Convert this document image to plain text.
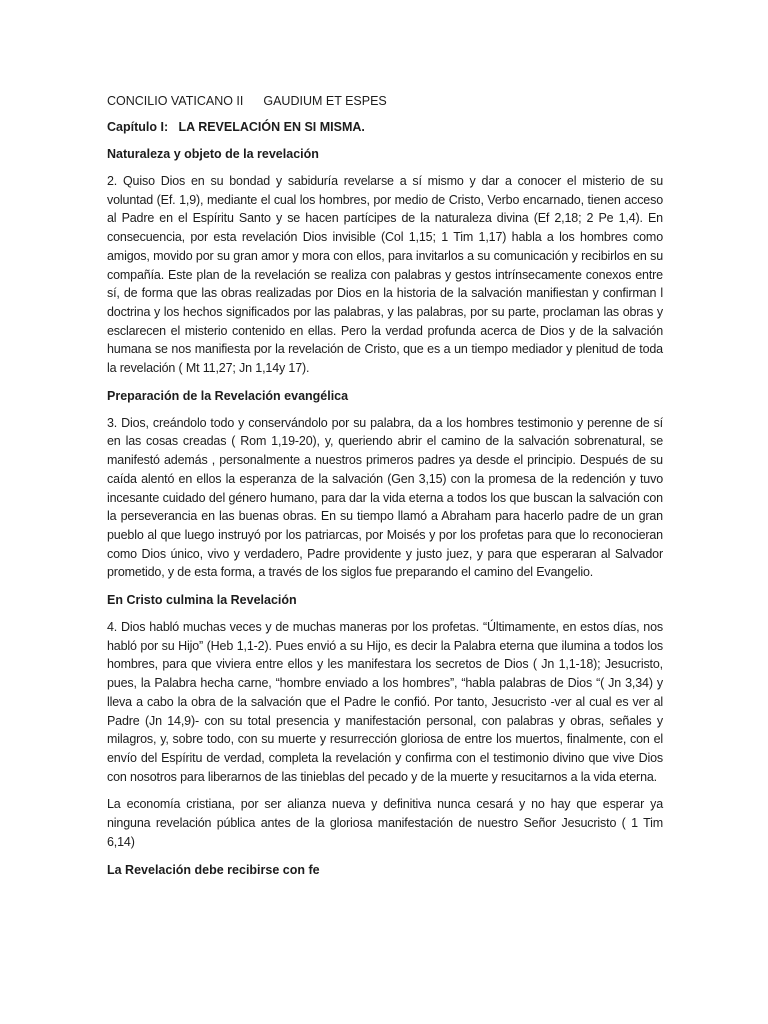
CONCILIO VATICANO II GAUDIUM ET ESPES
Capítulo I:   LA REVELACIÓN EN SI MISMA.
Naturaleza y objeto de la revelación

2. Quiso Dios en su bondad y sabiduría revelarse a sí mismo y dar a conocer el misterio de su voluntad (Ef. 1,9), mediante el cual los hombres, por medio de Cristo, Verbo encarnado, tienen acceso al Padre en el Espíritu Santo y se hacen partícipes de la naturaleza divina (Ef 2,18; 2 Pe 1,4). En consecuencia, por esta revelación Dios invisible (Col 1,15; 1 Tim 1,17) habla a los hombres como amigos, movido por su gran amor y mora con ellos, para invitarlos a su comunicación y recibirlos en su compañía. Este plan de la revelación se realiza con palabras y gestos intrínsecamente conexos entre sí, de forma que las obras realizadas por Dios en la historia de la salvación manifiestan y confirman l doctrina y los hechos significados por las palabras, y las palabras, por su parte, proclaman las obras y esclarecen el misterio contenido en ellas. Pero la verdad profunda acerca de Dios y de la salvación humana se nos manifiesta por la revelación de Cristo, que es a un tiempo mediador y plenitud de toda la revelación ( Mt 11,27; Jn 1,14y 17).

Preparación de la Revelación evangélica

3. Dios, creándolo todo y conservándolo por su palabra, da a los hombres testimonio y perenne de sí en las cosas creadas ( Rom 1,19-20), y, queriendo abrir el camino de la salvación sobrenatural, se manifestó además , personalmente a nuestros primeros padres ya desde el principio. Después de su caída alentó en ellos la esperanza de la salvación (Gen 3,15) con la promesa de la redención y tuvo incesante cuidado del género humano, para dar la vida eterna a todos los que buscan la salvación con la perseverancia en las buenas obras. En su tiempo llamó a Abraham para hacerlo padre de un gran pueblo al que luego instruyó por los patriarcas, por Moisés y por los profetas para que lo reconocieran como Dios único, vivo y verdadero, Padre providente y justo juez, y para que esperaran al Salvador prometido, y de esta forma, a través de los siglos fue preparando el camino del Evangelio.

En Cristo culmina la Revelación

4. Dios habló muchas veces y de muchas maneras por los profetas. “Últimamente, en estos días, nos habló por su Hijo” (Heb 1,1-2). Pues envió a su Hijo, es decir la Palabra eterna que ilumina a todos los hombres, para que viviera entre ellos y les manifestara los secretos de Dios ( Jn 1,1-18); Jesucristo, pues, la Palabra hecha carne, “hombre enviado a los hombres”, “habla palabras de Dios “( Jn 3,34) y lleva a cabo la obra de la salvación que el Padre le confió. Por tanto, Jesucristo -ver al cual es ver al Padre (Jn 14,9)- con su total presencia y manifestación personal, con palabras y obras, señales y milagros, y, sobre todo, con su muerte y resurrección gloriosa de entre los muertos, finalmente, con el envío del Espíritu de verdad, completa la revelación y confirma con el testimonio divino que vive Dios con nosotros para liberarnos de las tinieblas del pecado y de la muerte y resucitarnos a la vida eterna.

La economía cristiana, por ser alianza nueva y definitiva nunca cesará y no hay que esperar ya ninguna revelación pública antes de la gloriosa manifestación de nuestro Señor Jesucristo ( 1 Tim 6,14)

La Revelación debe recibirse con fe
